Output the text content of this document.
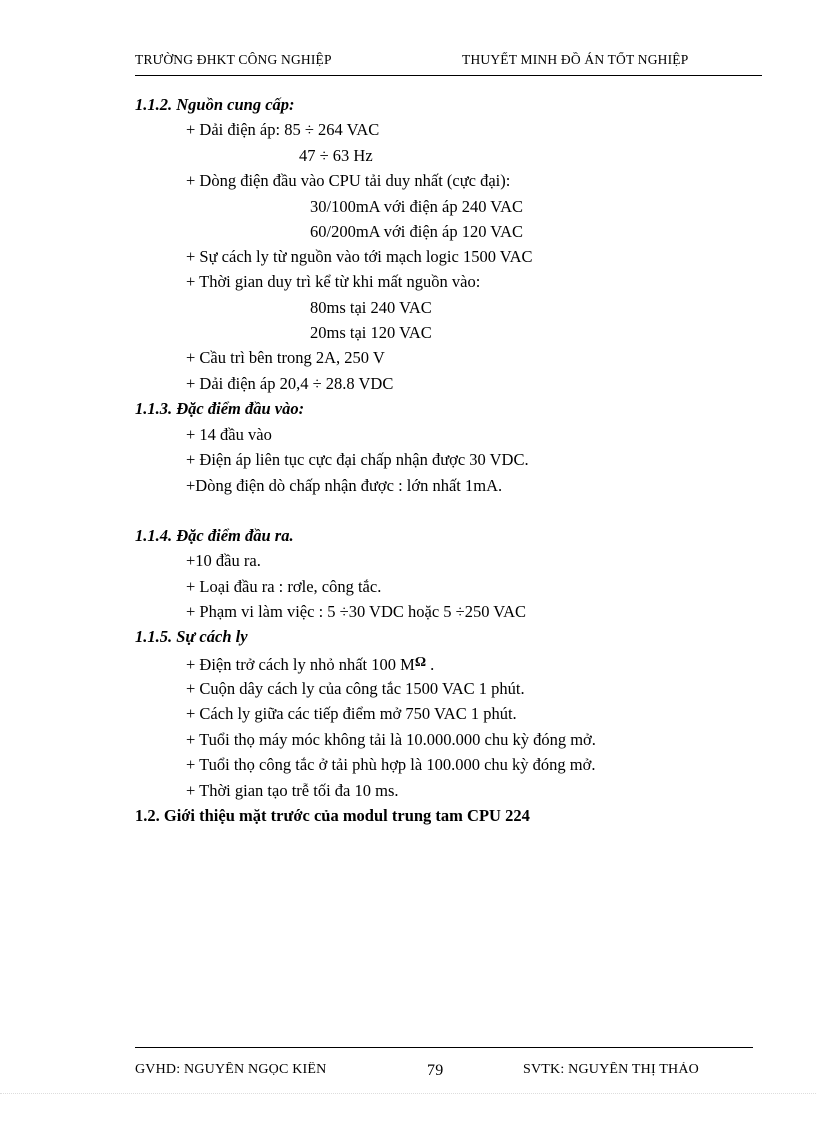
TRƯỜNG ĐHKT CÔNG NGHIỆP	THUYẾT MINH ĐỒ ÁN TỐT NGHIỆP
1.1.2. Nguồn cung cấp:
+ Dải điện áp: 85 ÷ 264 VAC
47 ÷ 63 Hz
+ Dòng điện đầu vào CPU tải duy nhất (cực đại):
30/100mA với điện áp 240 VAC
60/200mA với điện áp 120 VAC
+ Sự cách ly từ nguồn vào tới mạch logic 1500 VAC
+ Thời gian duy trì kể từ khi mất nguồn vào:
80ms tại 240 VAC
20ms tại 120 VAC
+ Cầu trì bên trong 2A, 250 V
+ Dải điện áp 20,4 ÷ 28.8 VDC
1.1.3. Đặc điểm đầu vào:
+ 14 đầu vào
+ Điện áp liên tục cực đại chấp nhận được 30 VDC.
+Dòng điện dò chấp nhận được : lớn nhất 1mA.
1.1.4. Đặc điểm đầu ra.
+10 đầu ra.
+ Loại đầu ra : rơle, công tắc.
+ Phạm vi làm việc : 5 ÷30 VDC hoặc 5 ÷250 VAC
1.1.5. Sự cách ly
+ Điện trở cách ly nhỏ nhất 100 $M^\Omega$ .
+ Cuộn dây cách ly của công tắc 1500 VAC 1 phút.
+ Cách ly giữa các tiếp điểm mở 750 VAC 1 phút.
+ Tuổi thọ máy móc không tải là 10.000.000 chu kỳ đóng mở.
+ Tuổi thọ công tắc ở tải phù hợp là 100.000 chu kỳ đóng mở.
+ Thời gian tạo trễ tối đa 10 ms.
1.2. Giới thiệu mặt trước của modul trung tam CPU 224
GVHD: NGUYỄN NGỌC KIÊN	79	SVTK: NGUYỄN THỊ THẢO
